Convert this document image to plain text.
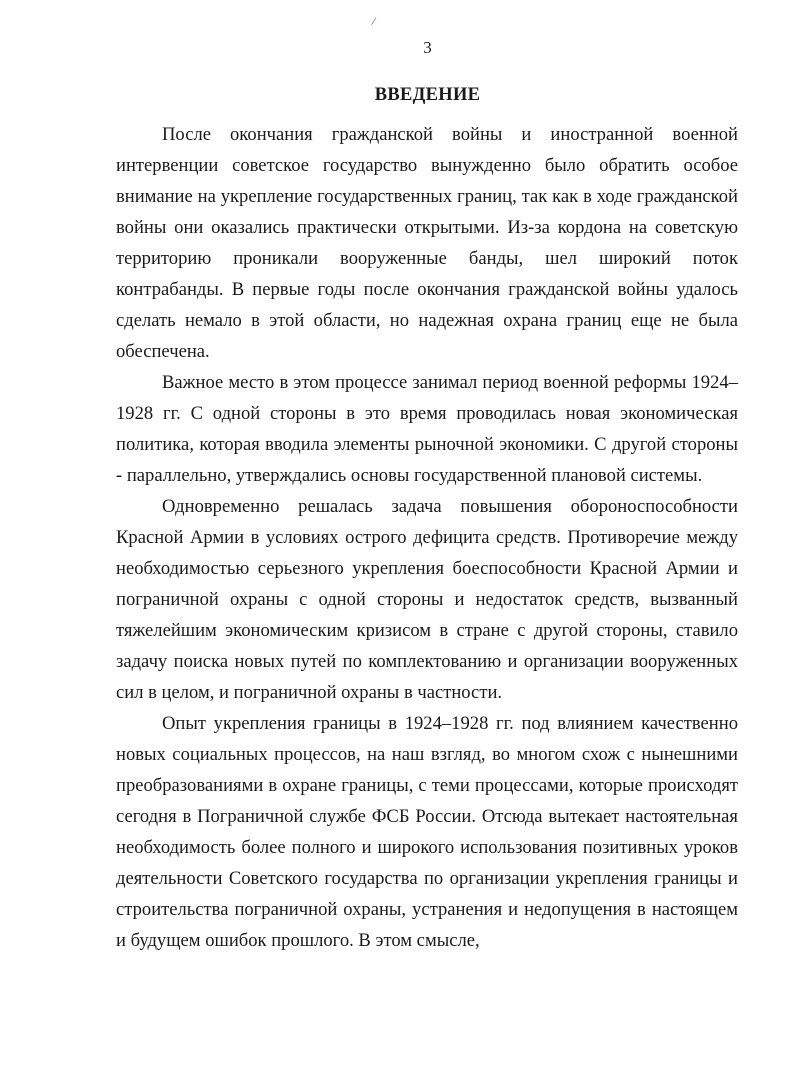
/
3
ВВЕДЕНИЕ

После окончания гражданской войны и иностранной военной интервенции советское государство вынужденно было обратить особое внимание на укрепление государственных границ, так как в ходе гражданской войны они оказались практически открытыми. Из-за кордона на советскую территорию проникали вооруженные банды, шел широкий поток контрабанды. В первые годы после окончания гражданской войны удалось сделать немало в этой области, но надежная охрана границ еще не была обеспечена.

Важное место в этом процессе занимал период военной реформы 1924–1928 гг. С одной стороны в это время проводилась новая экономическая политика, которая вводила элементы рыночной экономики. С другой стороны - параллельно, утверждались основы государственной плановой системы.

Одновременно решалась задача повышения обороноспособности Красной Армии в условиях острого дефицита средств. Противоречие между необходимостью серьезного укрепления боеспособности Красной Армии и пограничной охраны с одной стороны и недостаток средств, вызванный тяжелейшим экономическим кризисом в стране с другой стороны, ставило задачу поиска новых путей по комплектованию и организации вооруженных сил в целом, и пограничной охраны в частности.

Опыт укрепления границы в 1924–1928 гг. под влиянием качественно новых социальных процессов, на наш взгляд, во многом схож с нынешними преобразованиями в охране границы, с теми процессами, которые происходят сегодня в Пограничной службе ФСБ России. Отсюда вытекает настоятельная необходимость более полного и широкого использования позитивных уроков деятельности Советского государства по организации укрепления границы и строительства пограничной охраны, устранения и недопущения в настоящем и будущем ошибок прошлого. В этом смысле,
